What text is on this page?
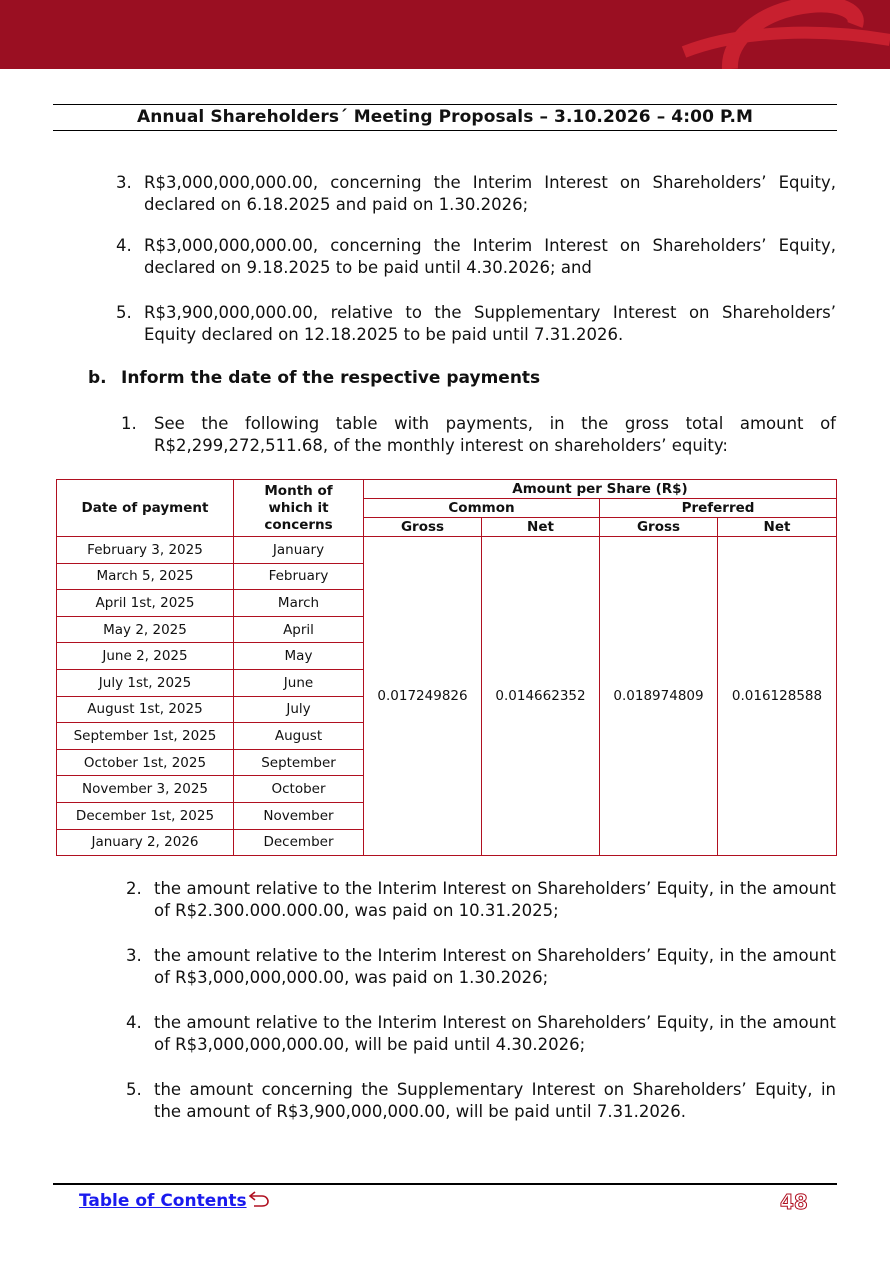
Annual Shareholders´ Meeting Proposals – 3.10.2026 – 4:00 P.M
3. R$3,000,000,000.00, concerning the Interim Interest on Shareholders’ Equity, declared on 6.18.2025 and paid on 1.30.2026;
4. R$3,000,000,000.00, concerning the Interim Interest on Shareholders’ Equity, declared on 9.18.2025 to be paid until 4.30.2026; and
5. R$3,900,000,000.00, relative to the Supplementary Interest on Shareholders’ Equity declared on 12.18.2025 to be paid until 7.31.2026.
b. Inform the date of the respective payments
1. See the following table with payments, in the gross total amount of R$2,299,272,511.68, of the monthly interest on shareholders’ equity:
Date of payment	Month of which it concerns	Amount per Share (R$)			
		Common		Preferred	
		Gross	Net	Gross	Net
February 3, 2025	January	0.017249826	0.014662352	0.018974809	0.016128588
March 5, 2025	February				
April 1st, 2025	March				
May 2, 2025	April				
June 2, 2025	May				
July 1st, 2025	June				
August 1st, 2025	July				
September 1st, 2025	August				
October 1st, 2025	September				
November 3, 2025	October				
December 1st, 2025	November				
January 2, 2026	December				
2. the amount relative to the Interim Interest on Shareholders’ Equity, in the amount of R$2.300.000.000.00, was paid on 10.31.2025;
3. the amount relative to the Interim Interest on Shareholders’ Equity, in the amount of R$3,000,000,000.00, was paid on 1.30.2026;
4. the amount relative to the Interim Interest on Shareholders’ Equity, in the amount of R$3,000,000,000.00, will be paid until 4.30.2026;
5. the amount concerning the Supplementary Interest on Shareholders’ Equity, in the amount of R$3,900,000,000.00, will be paid until 7.31.2026.
Table of Contents	48
